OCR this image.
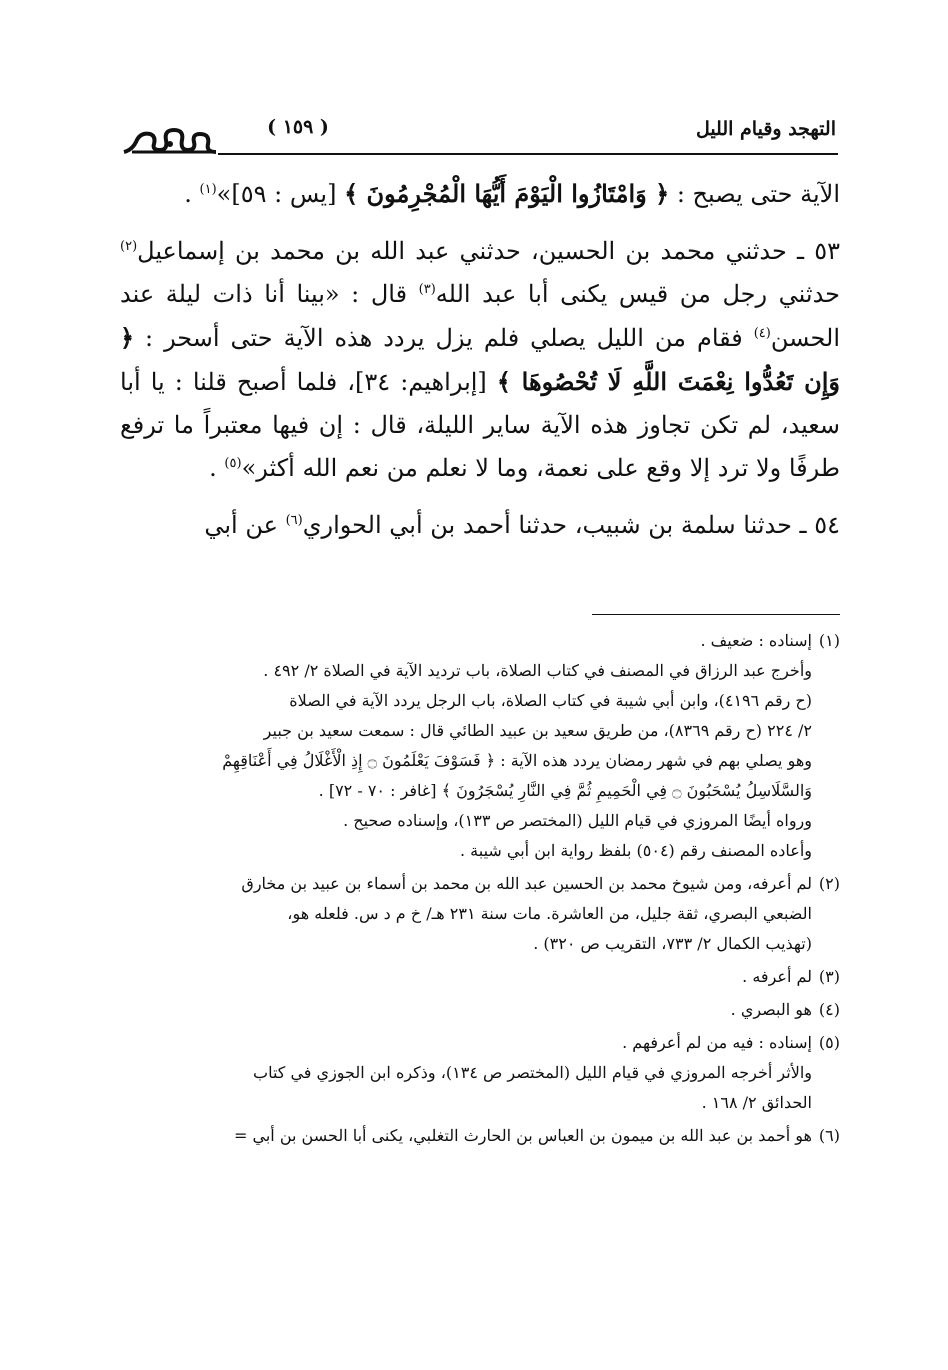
التهجد وقيام الليل
( ١٥٩ )

الآية حتى يصبح : ﴿ وَامْتَازُوا الْيَوْمَ أَيُّهَا الْمُجْرِمُونَ ﴾ [يس : ٥٩]»$^{(١)}$ .

٥٣ ـ حدثني محمد بن الحسين، حدثني عبد الله بن محمد بن إسماعيل$^{(٢)}$ حدثني رجل من قيس يكنى أبا عبد الله$^{(٣)}$ قال : «بينا أنا ذات ليلة عند الحسن$^{(٤)}$ فقام من الليل يصلي فلم يزل يردد هذه الآية حتى أسحر : ﴿ وَإِن تَعُدُّوا نِعْمَتَ اللَّهِ لَا تُحْصُوهَا ﴾ [إبراهيم: ٣٤]، فلما أصبح قلنا : يا أبا سعيد، لم تكن تجاوز هذه الآية ساير الليلة، قال : إن فيها معتبراً ما ترفع طرفًا ولا ترد إلا وقع على نعمة، وما لا نعلم من نعم الله أكثر»$^{(٥)}$ .

٥٤ ـ حدثنا سلمة بن شبيب، حدثنا أحمد بن أبي الحواري$^{(٦)}$ عن أبي

(١)
إسناده : ضعيف .
وأخرج عبد الرزاق في المصنف في كتاب الصلاة، باب ترديد الآية في الصلاة ٢/ ٤٩٢ .
(ح رقم ٤١٩٦)، وابن أبي شيبة في كتاب الصلاة، باب الرجل يردد الآية في الصلاة
٢/ ٢٢٤ (ح رقم ٨٣٦٩)، من طريق سعيد بن عبيد الطائي قال : سمعت سعيد بن جبير
وهو يصلي بهم في شهر رمضان يردد هذه الآية : ﴿ فَسَوْفَ يَعْلَمُونَ ۝ إِذِ الْأَغْلَالُ فِي أَعْنَاقِهِمْ
وَالسَّلَاسِلُ يُسْحَبُونَ ۝ فِي الْحَمِيمِ ثُمَّ فِي النَّارِ يُسْجَرُونَ ﴾ [غافر : ٧٠ - ٧٢] .
ورواه أيضًا المروزي في قيام الليل (المختصر ص ١٣٣)، وإسناده صحيح .
وأعاده المصنف رقم (٥٠٤) بلفظ رواية ابن أبي شيبة .
(٢)
لم أعرفه، ومن شيوخ محمد بن الحسين عبد الله بن محمد بن أسماء بن عبيد بن مخارق
الضبعي البصري، ثقة جليل، من العاشرة. مات سنة ٢٣١ هـ/ خ م د س. فلعله هو،
(تهذيب الكمال ٢/ ٧٣٣، التقريب ص ٣٢٠) .
(٣)
لم أعرفه .
(٤)
هو البصري .
(٥)
إسناده : فيه من لم أعرفهم .
والأثر أخرجه المروزي في قيام الليل (المختصر ص ١٣٤)، وذكره ابن الجوزي في كتاب
الحدائق ٢/ ١٦٨ .
(٦)
هو أحمد بن عبد الله بن ميمون بن العباس بن الحارث التغلبي، يكنى أبا الحسن بن أبي =
